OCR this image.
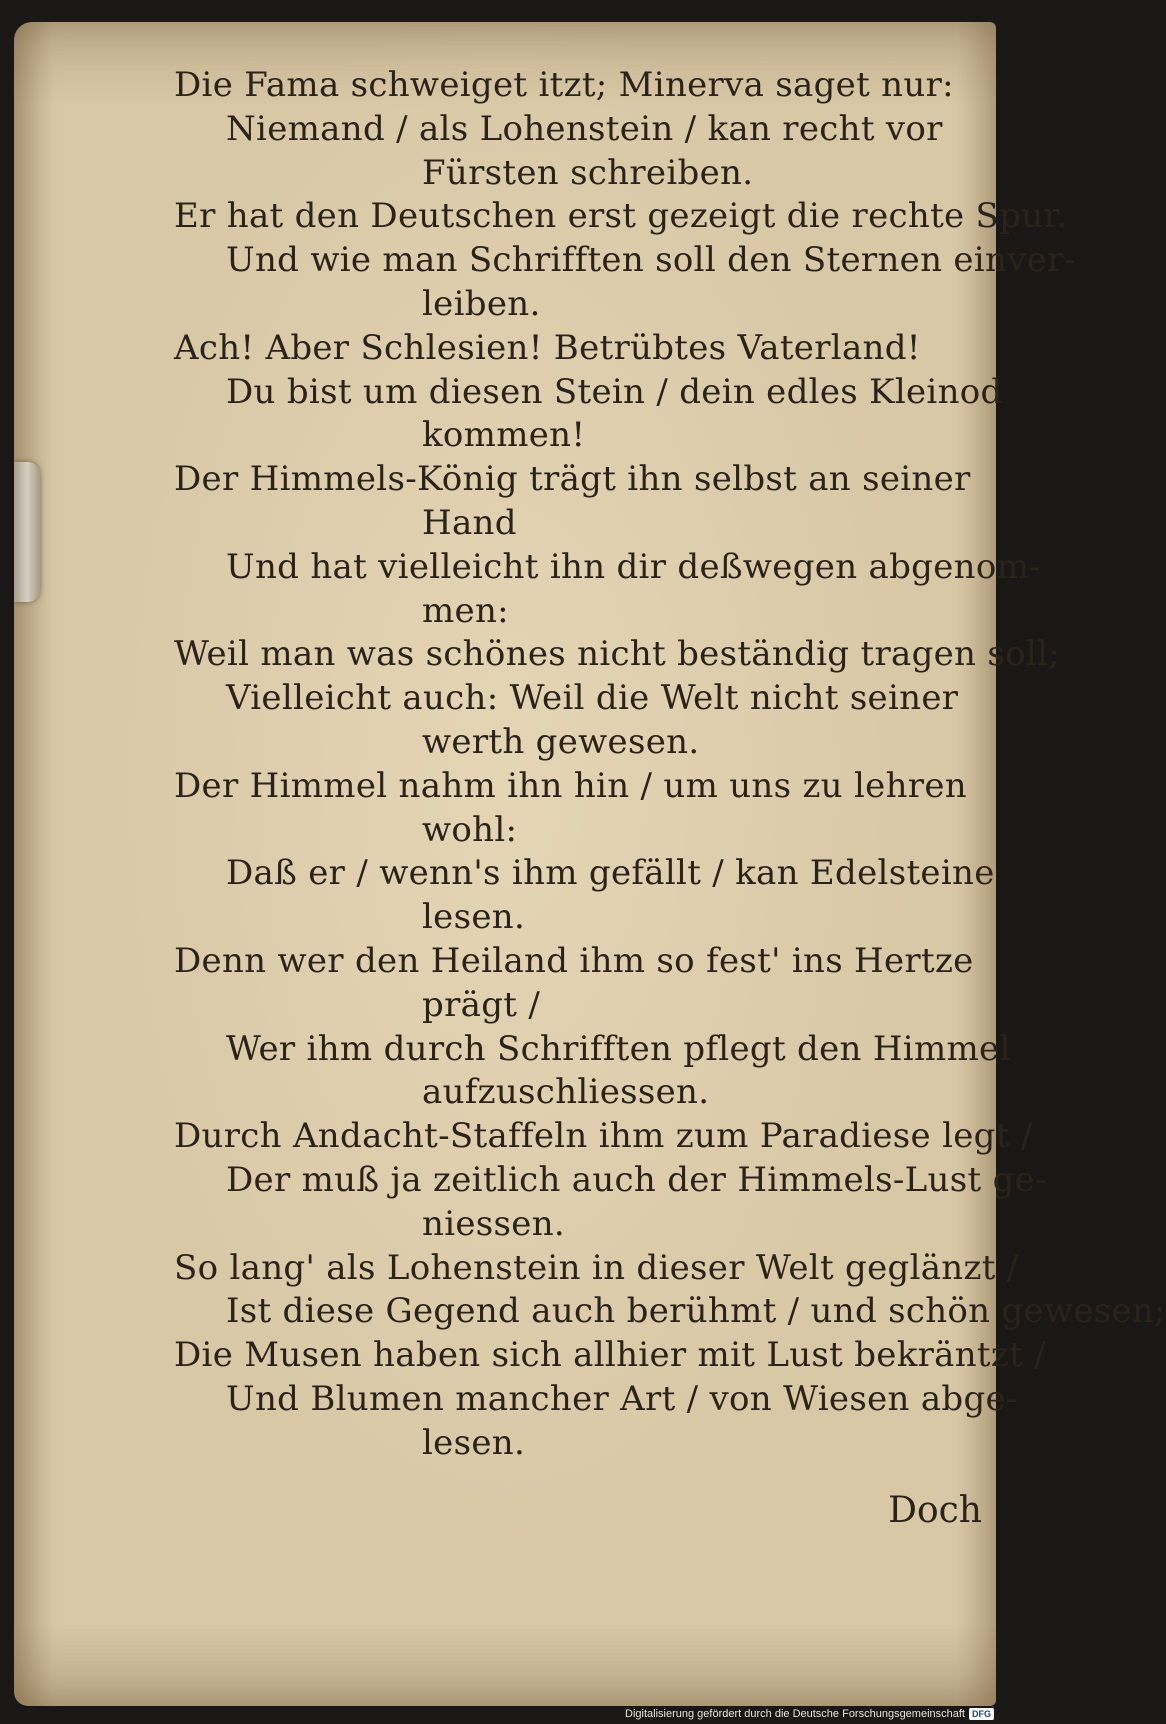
Die Fama schweiget itzt; Minerva saget nur:
Niemand / als Lohenstein / kan recht vor
Fürsten schreiben.
Er hat den Deutschen erst gezeigt die rechte Spur.
Und wie man Schrifften soll den Sternen einver-
leiben.
Ach! Aber Schlesien! Betrübtes Vaterland!
Du bist um diesen Stein / dein edles Kleinod
kommen!
Der Himmels-König trägt ihn selbst an seiner
Hand
Und hat vielleicht ihn dir deßwegen abgenom-
men:
Weil man was schönes nicht beständig tragen soll;
Vielleicht auch: Weil die Welt nicht seiner
werth gewesen.
Der Himmel nahm ihn hin / um uns zu lehren
wohl:
Daß er / wenn's ihm gefällt / kan Edelsteine
lesen.
Denn wer den Heiland ihm so fest' ins Hertze
prägt /
Wer ihm durch Schrifften pflegt den Himmel
aufzuschliessen.
Durch Andacht-Staffeln ihm zum Paradiese legt /
Der muß ja zeitlich auch der Himmels-Lust ge-
niessen.
So lang' als Lohenstein in dieser Welt geglänzt /
Ist diese Gegend auch berühmt / und schön gewesen;
Die Musen haben sich allhier mit Lust bekräntzt /
Und Blumen mancher Art / von Wiesen abge-
lesen.
Doch
Digitalisierung gefördert durch die Deutsche Forschungsgemeinschaft DFG
